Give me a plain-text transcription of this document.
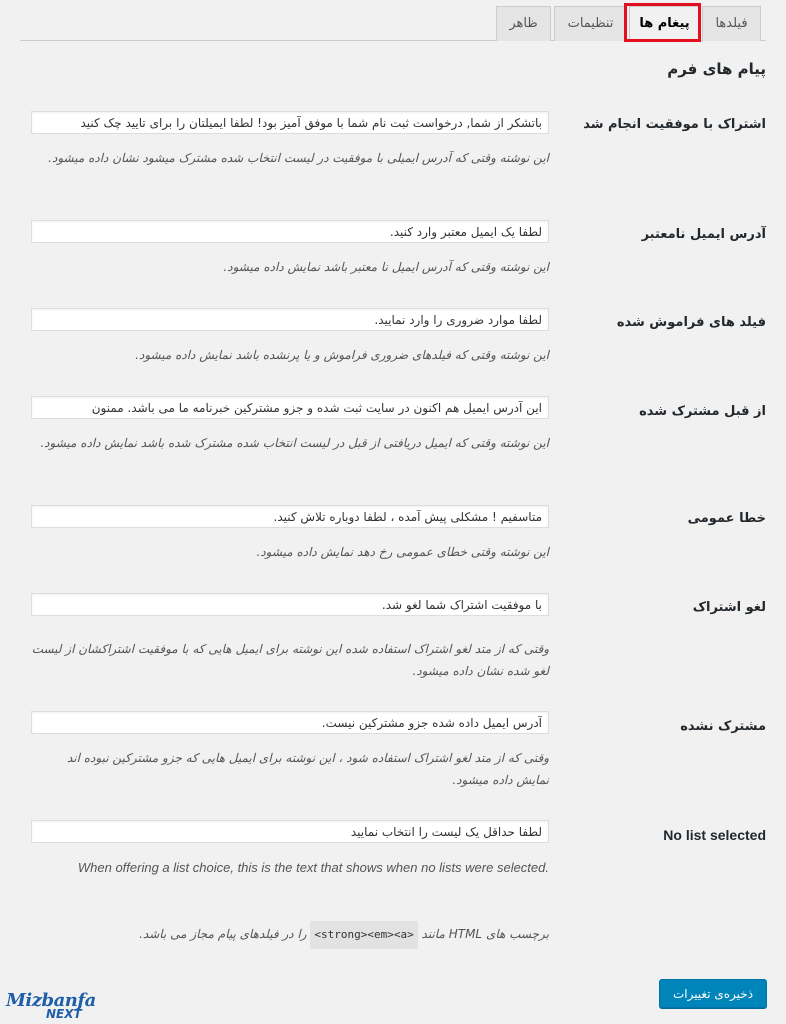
فیلدها
پیغام ها
تنظیمات
ظاهر
پیام های فرم
اشتراک با موفقیت انجام شد
باتشکر از شما, درخواست ثبت نام شما با موفق آمیز بود! لطفا ایمیلتان را برای تایید چک کنید
این نوشته وقتی که آدرس ایمیلی با موفقیت در لیست انتخاب شده مشترک میشود نشان داده میشود.
آدرس ایمیل نامعتبر
لطفا یک ایمیل معتبر وارد کنید.
این نوشته وقتی که آدرس ایمیل نا معتبر باشد نمایش داده میشود.
فیلد های فراموش شده
لطفا موارد ضروری را وارد نمایید.
این نوشته وقتی که فیلدهای ضروری فراموش و یا پرنشده باشد نمایش داده میشود.
از قبل مشترک شده
این آدرس ایمیل هم اکنون در سایت ثبت شده و جزو مشترکین خبرنامه ما می باشد. ممنون
این نوشته وقتی که ایمیل دریافتی از قبل در لیست انتخاب شده مشترک شده باشد نمایش داده میشود.
خطا عمومی
متاسفیم ! مشکلی پیش آمده ، لطفا دوباره تلاش کنید.
این نوشته وقتی خطای عمومی رخ دهد نمایش داده میشود.
لغو اشتراک
با موفقیت اشتراک شما لغو شد.
وقتی که از متد لغو اشتراک استفاده شده این نوشته برای ایمیل هایی که با موفقیت اشتراکشان از لیست لغو شده نشان داده میشود.
مشترک نشده
آدرس ایمیل داده شده جزو مشترکین نیست.
وقتی که از متد لغو اشتراک استفاده شود ، این نوشته برای ایمیل هایی که جزو مشترکین نبوده اند نمایش داده میشود.
No list selected
لطفا حداقل یک لیست را انتخاب نمایید
When offering a list choice, this is the text that shows when no lists were selected.
برچسب های HTML مانند <strong><em><a> را در فیلدهای پیام مجاز می باشد.
ذخیره‌ی تغییرات
Mizbanfa
NEXT
